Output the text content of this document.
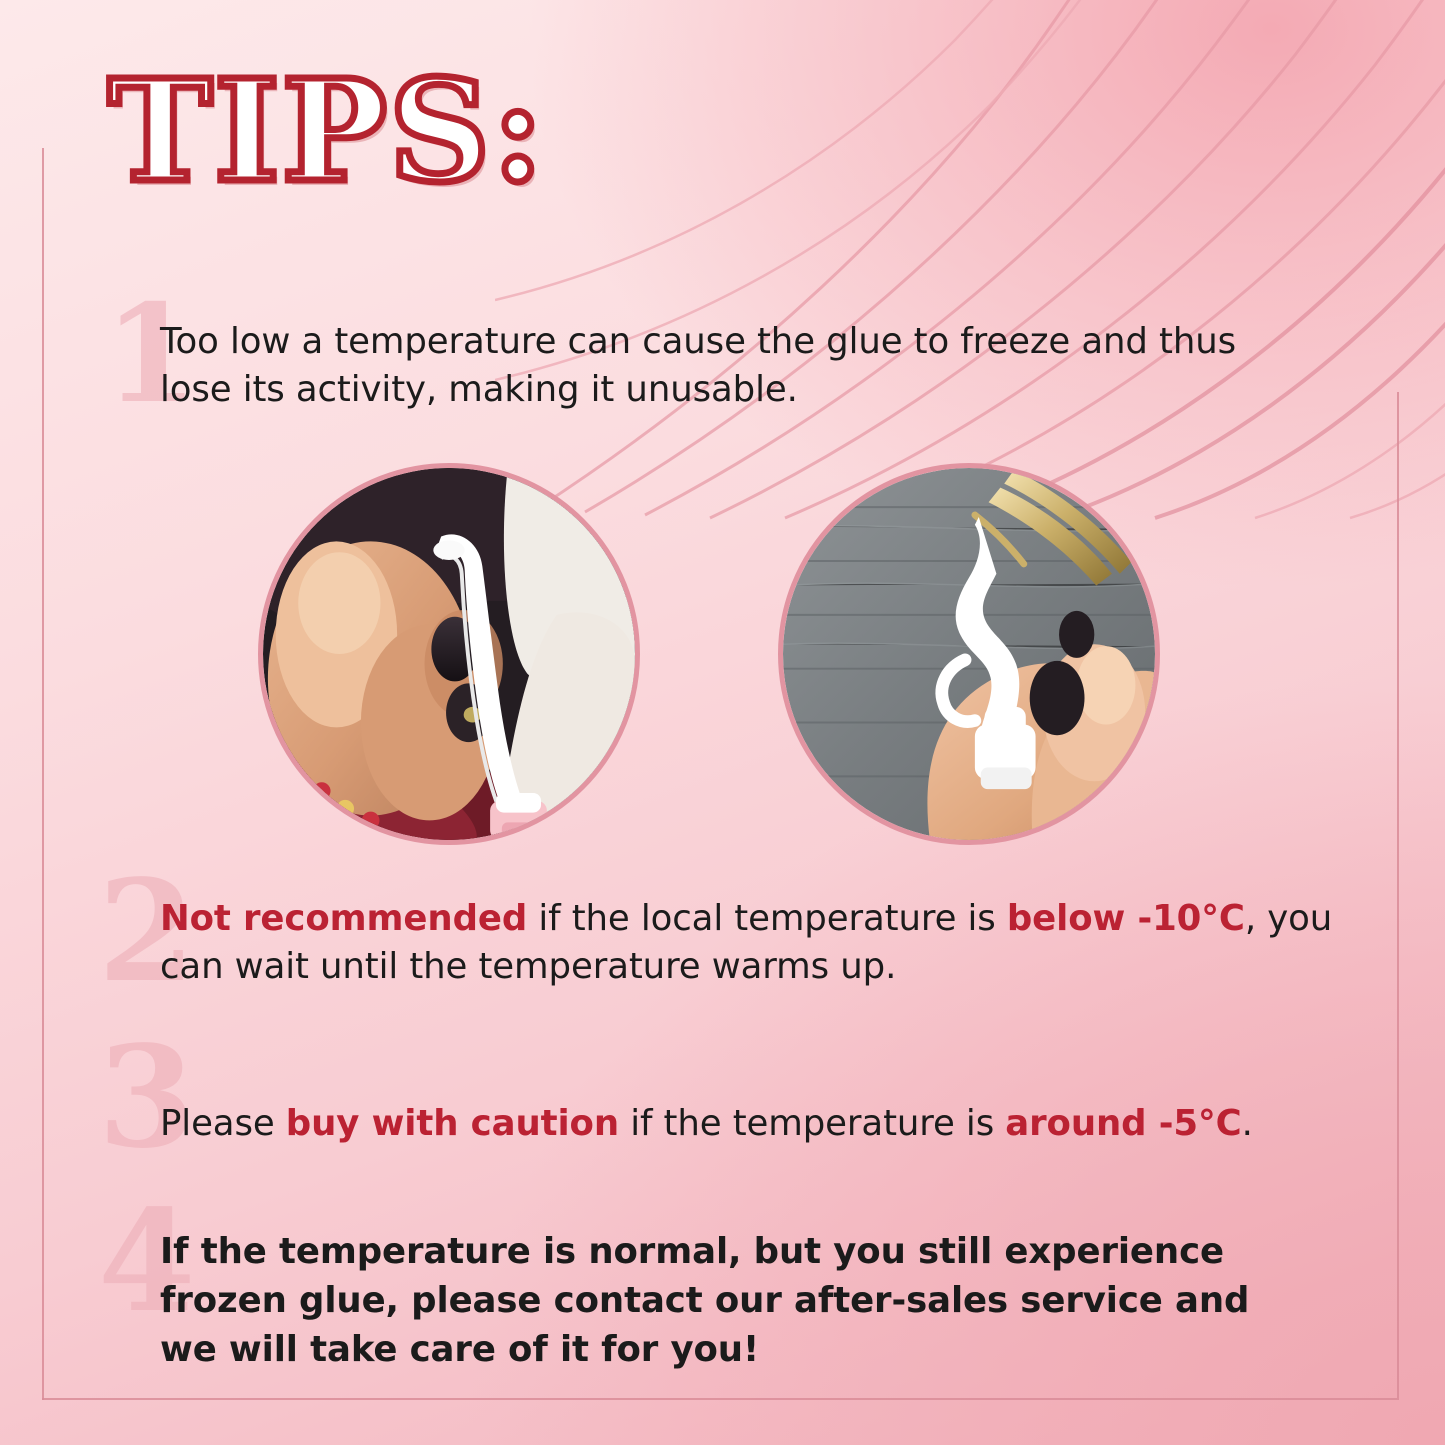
TIPS:
1
2
3
4
Too low a temperature can cause the glue to freeze and thus lose its activity, making it unusable.
Not recommended if the local temperature is below -10°C, you can wait until the temperature warms up.
Please buy with caution if the temperature is around -5°C.
If the temperature is normal, but you still experience frozen glue, please contact our after-sales service and we will take care of it for you!
